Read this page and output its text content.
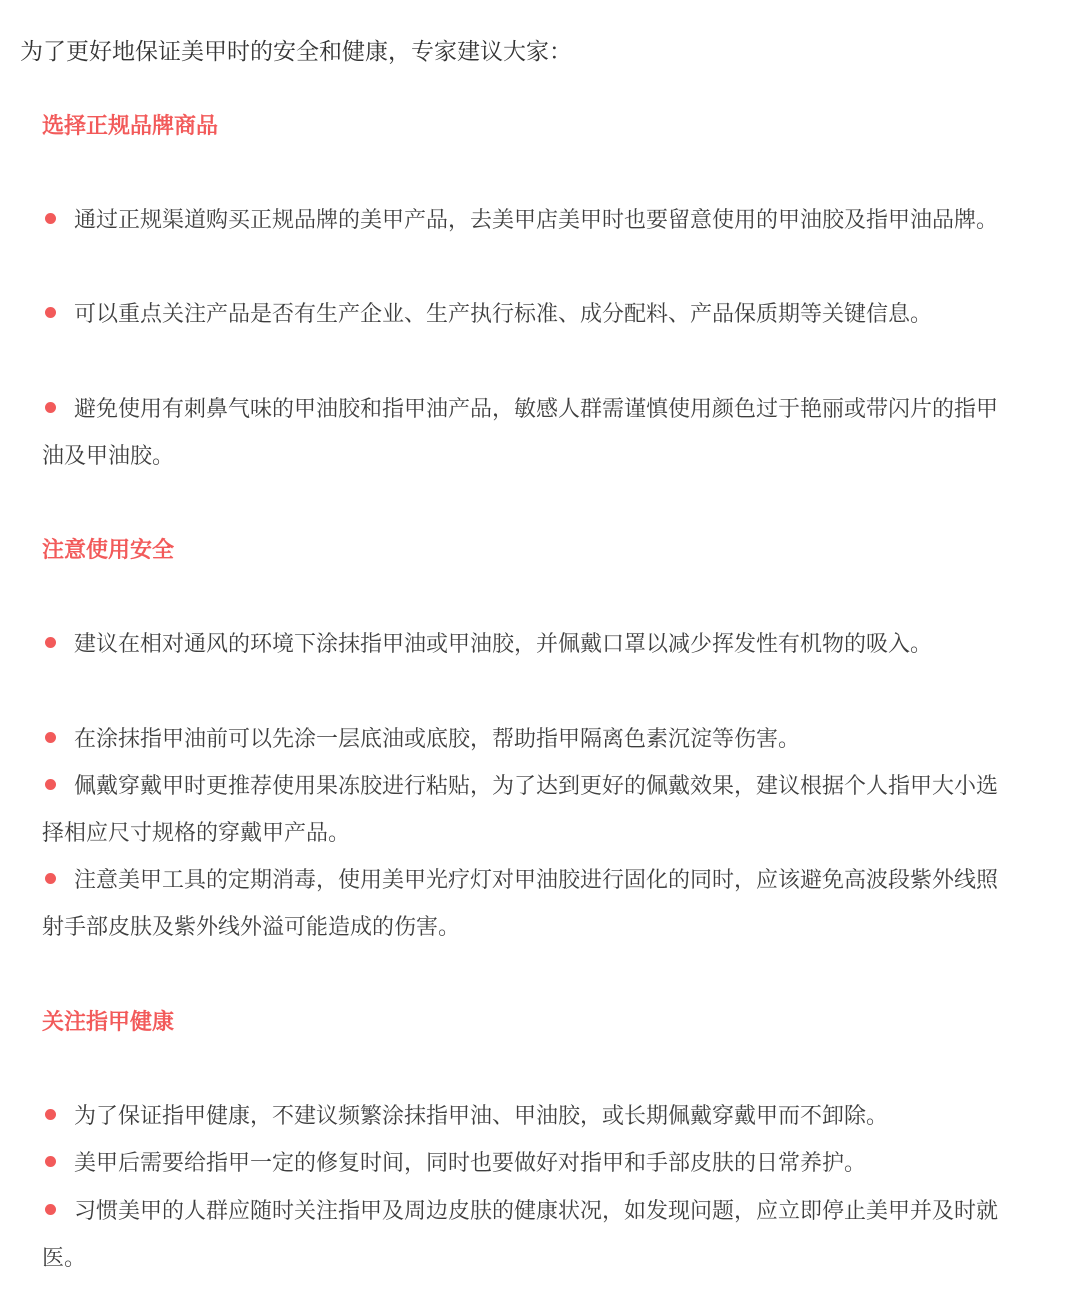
为了更好地保证美甲时的安全和健康，专家建议大家：
选择正规品牌商品
通过正规渠道购买正规品牌的美甲产品，去美甲店美甲时也要留意使用的甲油胶及指甲油品牌。
可以重点关注产品是否有生产企业、生产执行标准、成分配料、产品保质期等关键信息。
避免使用有刺鼻气味的甲油胶和指甲油产品，敏感人群需谨慎使用颜色过于艳丽或带闪片的指甲油及甲油胶。
注意使用安全
建议在相对通风的环境下涂抹指甲油或甲油胶，并佩戴口罩以减少挥发性有机物的吸入。
在涂抹指甲油前可以先涂一层底油或底胶，帮助指甲隔离色素沉淀等伤害。
佩戴穿戴甲时更推荐使用果冻胶进行粘贴，为了达到更好的佩戴效果，建议根据个人指甲大小选择相应尺寸规格的穿戴甲产品。
注意美甲工具的定期消毒，使用美甲光疗灯对甲油胶进行固化的同时，应该避免高波段紫外线照射手部皮肤及紫外线外溢可能造成的伤害。
关注指甲健康
为了保证指甲健康，不建议频繁涂抹指甲油、甲油胶，或长期佩戴穿戴甲而不卸除。
美甲后需要给指甲一定的修复时间，同时也要做好对指甲和手部皮肤的日常养护。
习惯美甲的人群应随时关注指甲及周边皮肤的健康状况，如发现问题，应立即停止美甲并及时就医。
